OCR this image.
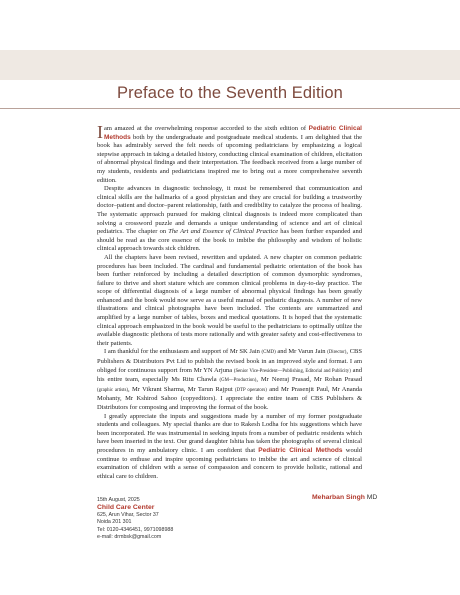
Preface to the Seventh Edition

I am amazed at the overwhelming response accorded to the sixth edition of Pediatric Clinical Methods both by the undergraduate and postgraduate medical students. I am delighted that the book has admirably served the felt needs of upcoming pediatricians by emphasizing a logical stepwise approach in taking a detailed history, conducting clinical examination of children, elicitation of abnormal physical findings and their interpretation. The feedback received from a large number of my students, residents and pediatricians inspired me to bring out a more comprehensive seventh edition.

Despite advances in diagnostic technology, it must be remembered that communication and clinical skills are the hallmarks of a good physician and they are crucial for building a trustworthy doctor–patient and doctor–parent relationship, faith and credibility to catalyze the process of healing. The systematic approach pursued for making clinical diagnosis is indeed more complicated than solving a crossword puzzle and demands a unique understanding of science and art of clinical pediatrics. The chapter on The Art and Essence of Clinical Practice has been further expanded and should be read as the core essence of the book to imbibe the philosophy and wisdom of holistic clinical approach towards sick children.

All the chapters have been revised, rewritten and updated. A new chapter on common pediatric procedures has been included. The cardinal and fundamental pediatric orientation of the book has been further reinforced by including a detailed description of common dysmorphic syndromes, failure to thrive and short stature which are common clinical problems in day-to-day practice. The scope of differential diagnosis of a large number of abnormal physical findings has been greatly enhanced and the book would now serve as a useful manual of pediatric diagnosis. A number of new illustrations and clinical photographs have been included. The contents are summarized and amplified by a large number of tables, boxes and medical quotations. It is hoped that the systematic clinical approach emphasized in the book would be useful to the pediatricians to optimally utilize the available diagnostic plethora of tests more rationally and with greater safety and cost-effectiveness to their patients.

I am thankful for the enthusiasm and support of Mr SK Jain (CMD) and Mr Varun Jain (Director), CBS Publishers & Distributors Pvt Ltd to publish the revised book in an improved style and format. I am obliged for continuous support from Mr YN Arjuna (Senior Vice-President—Publishing, Editorial and Publicity) and his entire team, especially Ms Ritu Chawla (GM—Production), Mr Neeraj Prasad, Mr Rohan Prasad (graphic artists), Mr Vikrant Sharma, Mr Tarun Rajput (DTP operators) and Mr Prasenjit Paul, Mr Ananda Mohanty, Mr Kshirod Sahoo (copyeditors). I appreciate the entire team of CBS Publishers & Distributors for composing and improving the format of the book.

I greatly appreciate the inputs and suggestions made by a number of my former postgraduate students and colleagues. My special thanks are due to Rakesh Lodha for his suggestions which have been incorporated. He was instrumental in seeking inputs from a number of pediatric residents which have been inserted in the text. Our grand daughter Ishita has taken the photographs of several clinical procedures in my ambulatory clinic. I am confident that Pediatric Clinical Methods would continue to enthuse and inspire upcoming pediatricians to imbibe the art and science of clinical examination of children with a sense of compassion and concern to provide holistic, rational and ethical care to children.

15th August, 2025
Child Care Center
625, Arun Vihar, Sector 37
Noida 201 301
Tel: 0120-4346451, 9971098988
e-mail: drmbsk@gmail.com
Meharban Singh MD
